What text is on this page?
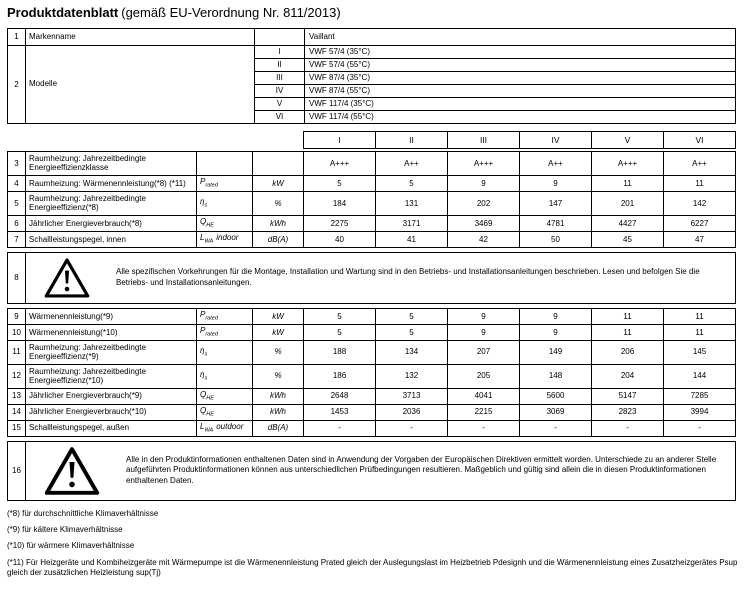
Produktdatenblatt (gemäß EU-Verordnung Nr. 811/2013)
1	Markenname		Vaillant
2	Modelle	I	VWF 57/4 (35°C)
		II	VWF 57/4 (55°C)
		III	VWF 87/4 (35°C)
		IV	VWF 87/4 (55°C)
		V	VWF 117/4 (35°C)
		VI	VWF 117/4 (55°C)
I	II	III	IV	V	VI
3	Raumheizung: Jahrezeitbedingte Energieeffizienzklasse			A+++	A++	A+++	A++	A+++	A++
4	Raumheizung: Wärmenennleistung(*8) (*11)	$P_{rated}$	kW	5	5	9	9	11	11
5	Raumheizung: Jahrezeitbedingte Energieeffizienz(*8)	$\eta_s$	%	184	131	202	147	201	142
6	Jährlicher Energieverbrauch(*8)	$Q_{HE}$	kWh	2275	3171	3469	4781	4427	6227
7	Schallleistungspegel, innen	$L_{WA}$ indoor	dB(A)	40	41	42	50	45	47
8	
Alle spezifischen Vorkehrungen für die Montage, Installation und Wartung sind in den Betriebs- und Installationsanleitungen beschrieben. Lesen und befolgen Sie die Betriebs- und Installationsanleitungen.
9	Wärmenennleistung(*9)	$P_{rated}$	kW	5	5	9	9	11	11
10	Wärmenennleistung(*10)	$P_{rated}$	kW	5	5	9	9	11	11
11	Raumheizung: Jahrezeitbedingte Energieeffizienz(*9)	$\eta_s$	%	188	134	207	149	206	145
12	Raumheizung: Jahrezeitbedingte Energieeffizienz(*10)	$\eta_s$	%	186	132	205	148	204	144
13	Jährlicher Energieverbrauch(*9)	$Q_{HE}$	kWh	2648	3713	4041	5600	5147	7285
14	Jährlicher Energieverbrauch(*10)	$Q_{HE}$	kWh	1453	2036	2215	3069	2823	3994
15	Schallleistungspegel, außen	$L_{WA}$ outdoor	dB(A)	-	-	-	-	-	-
16	
Alle in den Produktinformationen enthaltenen Daten sind in Anwendung der Vorgaben der Europäischen Direktiven ermittelt worden. Unterschiede zu an anderer Stelle aufgeführten Produktinformationen können aus unterschiedlichen Prüfbedingungen resultieren. Maßgeblich und gültig sind allein die in diesen Produktinformationen enthaltenen Daten.
(*8) für durchschnittliche Klimaverhältnisse
(*9) für kältere Klimaverhältnisse
(*10) für wärmere Klimaverhältnisse
(*11) Für Heizgeräte und Kombiheizgeräte mit Wärmepumpe ist die Wärmenennleistung Prated gleich der Auslegungslast im Heizbetrieb Pdesignh und die Wärmenennleistung eines Zusatzheizgerätes Psup gleich der zusätzlichen Heizleistung sup(Tj)
